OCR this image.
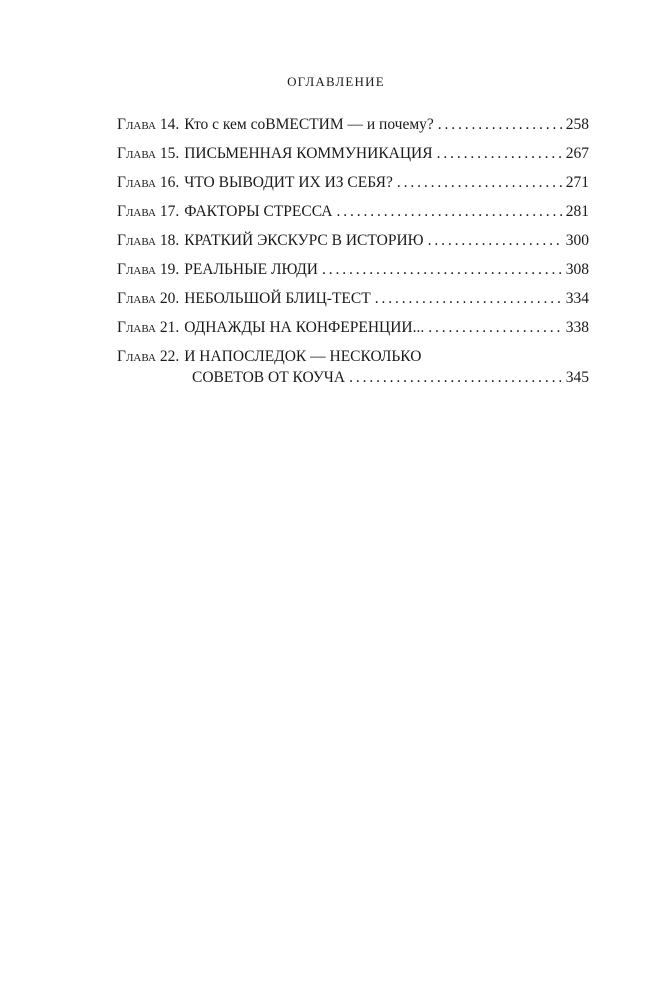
ОГЛАВЛЕНИЕ
Глава 14. Кто с кем соВМЕСТИМ — и почему? . . .	258
Глава 15. ПИСЬМЕННАЯ КОММУНИКАЦИЯ . . .	267
Глава 16. ЧТО ВЫВОДИТ ИХ ИЗ СЕБЯ? . . .	271
Глава 17. ФАКТОРЫ СТРЕССА . . .	281
Глава 18. КРАТКИЙ ЭКСКУРС В ИСТОРИЮ . . .	300
Глава 19. РЕАЛЬНЫЕ ЛЮДИ . . .	308
Глава 20. НЕБОЛЬШОЙ БЛИЦ-ТЕСТ . . .	334
Глава 21. ОДНАЖДЫ НА КОНФЕРЕНЦИИ... . . .	338
Глава 22. И НАПОСЛЕДОК — НЕСКОЛЬКО
СОВЕТОВ ОТ КОУЧА . . .	345
